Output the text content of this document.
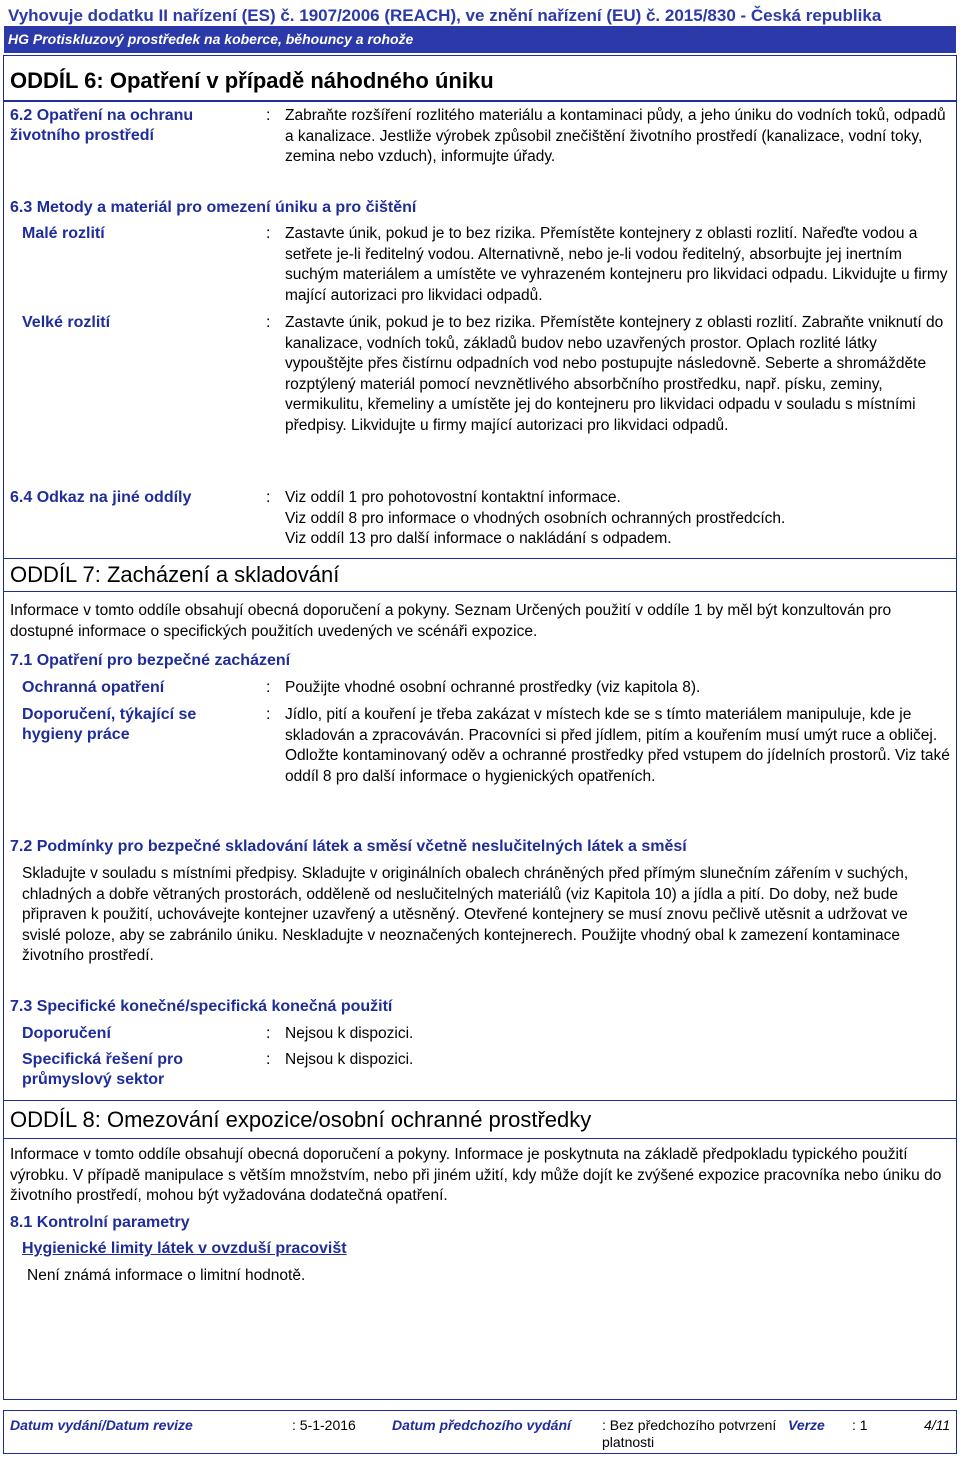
Vyhovuje dodatku II nařízení (ES) č. 1907/2006 (REACH), ve znění nařízení (EU) č. 2015/830 - Česká republika
HG Protiskluzový prostředek na koberce, běhouncy a rohože
ODDÍL 6: Opatření v případě náhodného úniku
6.2 Opatření na ochranu životního prostředí
: Zabraňte rozšíření rozlitého materiálu a kontaminaci půdy, a jeho úniku do vodních toků, odpadů a kanalizace. Jestliže výrobek způsobil znečištění životního prostředí (kanalizace, vodní toky, zemina nebo vzduch), informujte úřady.
6.3 Metody a materiál pro omezení úniku a pro čištění
Malé rozlití	: Zastavte únik, pokud je to bez rizika. Přemístěte kontejnery z oblasti rozlití. Nařeďte vodou a setřete je-li ředitelný vodou. Alternativně, nebo je-li vodou ředitelný, absorbujte jej inertním suchým materiálem a umístěte ve vyhrazeném kontejneru pro likvidaci odpadu. Likvidujte u firmy mající autorizaci pro likvidaci odpadů.
Velké rozlití	: Zastavte únik, pokud je to bez rizika. Přemístěte kontejnery z oblasti rozlití. Zabraňte vniknutí do kanalizace, vodních toků, základů budov nebo uzavřených prostor. Oplach rozlité látky vypouštějte přes čistírnu odpadních vod nebo postupujte následovně. Seberte a shromážděte rozptýlený materiál pomocí nevznětlivého absorbčního prostředku, např. písku, zeminy, vermikulitu, křemeliny a umístěte jej do kontejneru pro likvidaci odpadu v souladu s místními předpisy. Likvidujte u firmy mající autorizaci pro likvidaci odpadů.
6.4 Odkaz na jiné oddíly	: Viz oddíl 1 pro pohotovostní kontaktní informace.
Viz oddíl 8 pro informace o vhodných osobních ochranných prostředcích.
Viz oddíl 13 pro další informace o nakládání s odpadem.
ODDÍL 7: Zacházení a skladování
Informace v tomto oddíle obsahují obecná doporučení a pokyny. Seznam Určených použití v oddíle 1 by měl být konzultován pro dostupné informace o specifických použitích uvedených ve scénáři expozice.
7.1 Opatření pro bezpečné zacházení
Ochranná opatření	: Použijte vhodné osobní ochranné prostředky (viz kapitola 8).
Doporučení, týkající se hygieny práce
: Jídlo, pití a kouření je třeba zakázat v místech kde se s tímto materiálem manipuluje, kde je skladován a zpracováván. Pracovníci si před jídlem, pitím a kouřením musí umýt ruce a obličej. Odložte kontaminovaný oděv a ochranné prostředky před vstupem do jídelních prostorů. Viz také oddíl 8 pro další informace o hygienických opatřeních.
7.2 Podmínky pro bezpečné skladování látek a směsí včetně neslučitelných látek a směsí
Skladujte v souladu s místními předpisy. Skladujte v originálních obalech chráněných před přímým slunečním zářením v suchých, chladných a dobře větraných prostorách, odděleně od neslučitelných materiálů (viz Kapitola 10) a jídla a pití. Do doby, než bude připraven k použití, uchovávejte kontejner uzavřený a utěsněný. Otevřené kontejnery se musí znovu pečlivě utěsnit a udržovat ve svislé poloze, aby se zabránilo úniku. Neskladujte v neoznačených kontejnerech. Použijte vhodný obal k zamezení kontaminace životního prostředí.
7.3 Specifické konečné/specifická konečná použití
Doporučení	: Nejsou k dispozici.
Specifická řešení pro průmyslový sektor
: Nejsou k dispozici.
ODDÍL 8: Omezování expozice/osobní ochranné prostředky
Informace v tomto oddíle obsahují obecná doporučení a pokyny. Informace je poskytnuta na základě předpokladu typického použití výrobku. V případě manipulace s větším množstvím, nebo při jiném užití, kdy může dojít ke zvýšené expozice pracovníka nebo úniku do životního prostředí, mohou být vyžadována dodatečná opatření.
8.1 Kontrolní parametry
Hygienické limity látek v ovzduší pracovišt
Není známá informace o limitní hodnotě.
Datum vydání/Datum revize	: 5-1-2016	Datum předchozího vydání : Bez předchozího potvrzení platnosti
Verze : 1	4/11
